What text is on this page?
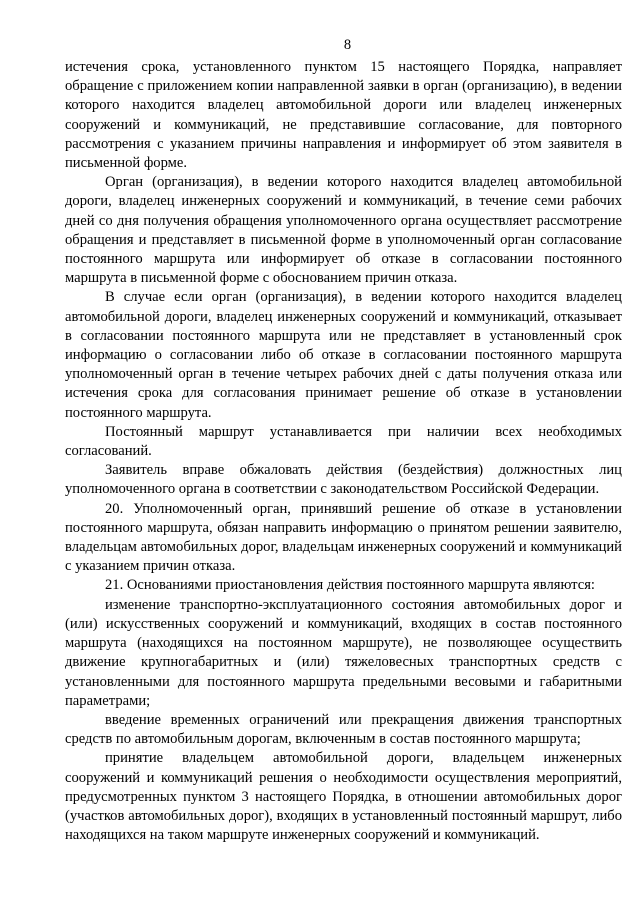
8

истечения срока, установленного пунктом 15 настоящего Порядка, направляет обращение с приложением копии направленной заявки в орган (организацию), в ведении которого находится владелец автомобильной дороги или владелец инженерных сооружений и коммуникаций, не представившие согласование, для повторного рассмотрения с указанием причины направления и информирует об этом заявителя в письменной форме.

Орган (организация), в ведении которого находится владелец автомобильной дороги, владелец инженерных сооружений и коммуникаций, в течение семи рабочих дней со дня получения обращения уполномоченного органа осуществляет рассмотрение обращения и представляет в письменной форме в уполномоченный орган согласование постоянного маршрута или информирует об отказе в согласовании постоянного маршрута в письменной форме с обоснованием причин отказа.

В случае если орган (организация), в ведении которого находится владелец автомобильной дороги, владелец инженерных сооружений и коммуникаций, отказывает в согласовании постоянного маршрута или не представляет в установленный срок информацию о согласовании либо об отказе в согласовании постоянного маршрута уполномоченный орган в течение четырех рабочих дней с даты получения отказа или истечения срока для согласования принимает решение об отказе в установлении постоянного маршрута.

Постоянный маршрут устанавливается при наличии всех необходимых согласований.

Заявитель вправе обжаловать действия (бездействия) должностных лиц уполномоченного органа в соответствии с законодательством Российской Федерации.

20. Уполномоченный орган, принявший решение об отказе в установлении постоянного маршрута, обязан направить информацию о принятом решении заявителю, владельцам автомобильных дорог, владельцам инженерных сооружений и коммуникаций с указанием причин отказа.

21. Основаниями приостановления действия постоянного маршрута являются:

изменение транспортно-эксплуатационного состояния автомобильных дорог и (или) искусственных сооружений и коммуникаций, входящих в состав постоянного маршрута (находящихся на постоянном маршруте), не позволяющее осуществить движение крупногабаритных и (или) тяжеловесных транспортных средств с установленными для постоянного маршрута предельными весовыми и габаритными параметрами;

введение временных ограничений или прекращения движения транспортных средств по автомобильным дорогам, включенным в состав постоянного маршрута;

принятие владельцем автомобильной дороги, владельцем инженерных сооружений и коммуникаций решения о необходимости осуществления мероприятий, предусмотренных пунктом 3 настоящего Порядка, в отношении автомобильных дорог (участков автомобильных дорог), входящих в установленный постоянный маршрут, либо находящихся на таком маршруте инженерных сооружений и коммуникаций.
